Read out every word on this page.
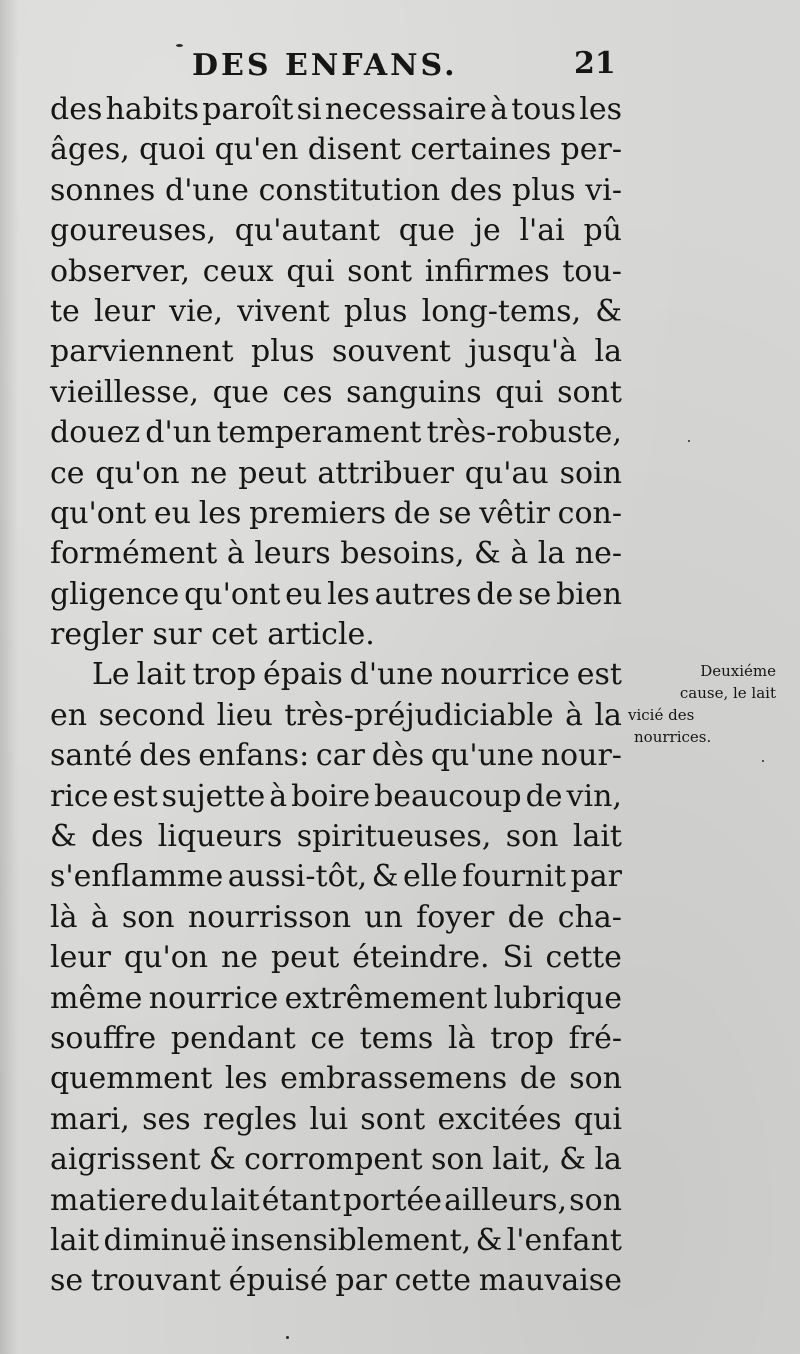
DES ENFANS.	21
des habits paroît si necessaire à tous les
âges, quoi qu'en disent certaines per-
sonnes d'une constitution des plus vi-
goureuses, qu'autant que je l'ai pû
observer, ceux qui sont infirmes tou-
te leur vie, vivent plus long-tems, &
parviennent plus souvent jusqu'à la
vieillesse, que ces sanguins qui sont
douez d'un temperament très-robuste,
ce qu'on ne peut attribuer qu'au soin
qu'ont eu les premiers de se vêtir con-
formément à leurs besoins, & à la ne-
gligence qu'ont eu les autres de se bien
regler sur cet article.
Le lait trop épais d'une nourrice est
en second lieu très-préjudiciable à la
santé des enfans: car dès qu'une nour-
rice est sujette à boire beaucoup de vin,
& des liqueurs spiritueuses, son lait
s'enflamme aussi-tôt, & elle fournit par
là à son nourrisson un foyer de cha-
leur qu'on ne peut éteindre. Si cette
même nourrice extrêmement lubrique
souffre pendant ce tems là trop fré-
quemment les embrassemens de son
mari, ses regles lui sont excitées qui
aigrissent & corrompent son lait, & la
matiere du lait étant portée ailleurs, son
lait diminuë insensiblement, & l'enfant
se trouvant épuisé par cette mauvaise
Deuxiéme
cause, le lait
vicié des
nourrices.
